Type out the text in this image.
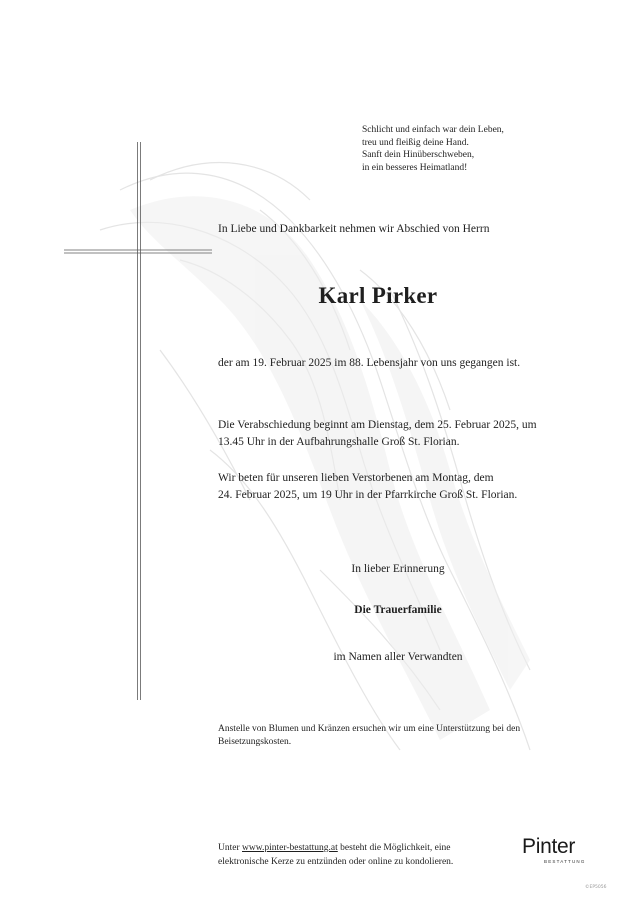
Schlicht und einfach war dein Leben,
treu und fleißig deine Hand.
Sanft dein Hinüberschweben,
in ein besseres Heimatland!

In Liebe und Dankbarkeit nehmen wir Abschied von Herrn

Karl Pirker

der am 19. Februar 2025 im 88. Lebensjahr von uns gegangen ist.

Die Verabschiedung beginnt am Dienstag, dem 25. Februar 2025, um
13.45 Uhr in der Aufbahrungshalle Groß St. Florian.
Wir beten für unseren lieben Verstorbenen am Montag, dem
24. Februar 2025, um 19 Uhr in der Pfarrkirche Groß St. Florian.

In lieber Erinnerung

Die Trauerfamilie

im Namen aller Verwandten

Anstelle von Blumen und Kränzen ersuchen wir um eine Unterstützung bei den
Beisetzungskosten.
Unter www.pinter-bestattung.at besteht die Möglichkeit, eine
elektronische Kerze zu entzünden oder online zu kondolieren.
Pinter
BESTATTUNG
©EP5056
